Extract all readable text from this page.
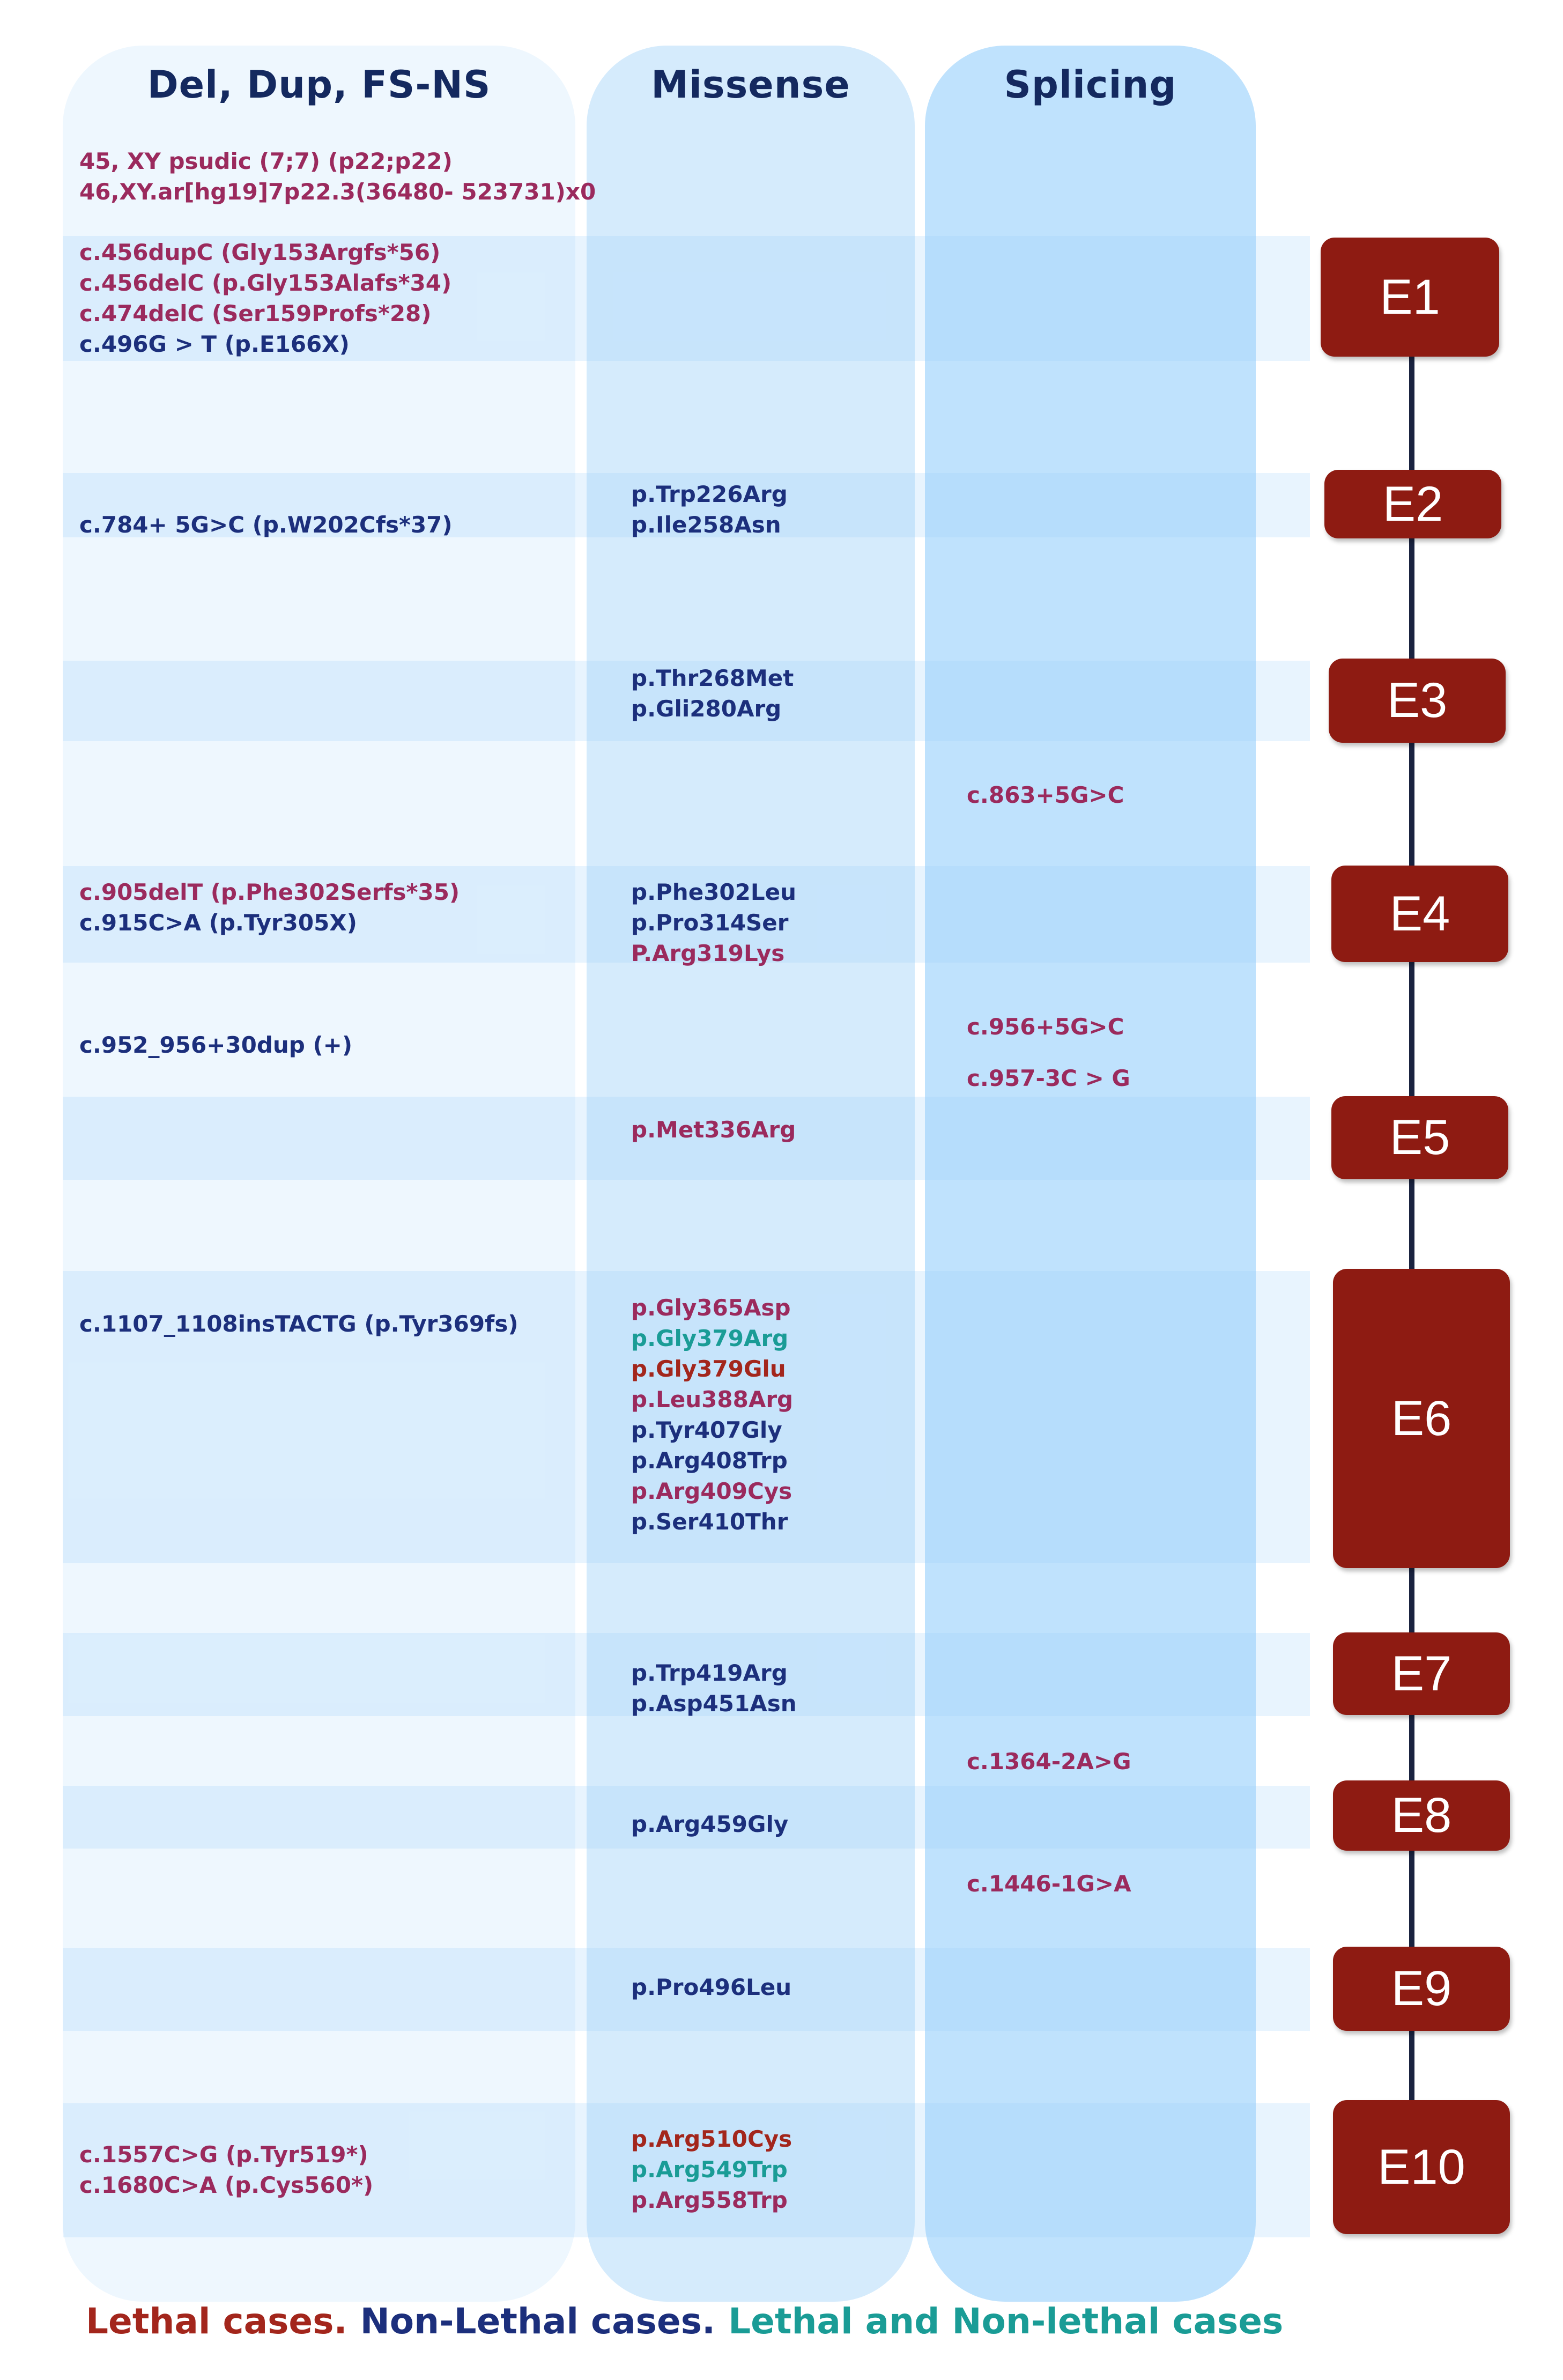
Del, Dup, FS-NS	Missense	Splicing
45, XY psudic (7;7) (p22;p22)
46,XY.ar[hg19]7p22.3(36480- 523731)x0
c.456dupC (Gly153Argfs*56)
c.456delC (p.Gly153Alafs*34)
c.474delC (Ser159Profs*28)
c.496G > T (p.E166X)
c.784+ 5G>C (p.W202Cfs*37)
c.905delT (p.Phe302Serfs*35)
c.915C>A (p.Tyr305X)
c.952_956+30dup (+)
c.1107_1108insTACTG (p.Tyr369fs)
c.1557C>G (p.Tyr519*)
c.1680C>A (p.Cys560*)
p.Trp226Arg
p.Ile258Asn
p.Thr268Met
p.Gli280Arg
p.Phe302Leu
p.Pro314Ser
P.Arg319Lys
p.Met336Arg
p.Gly365Asp
p.Gly379Arg
p.Gly379Glu
p.Leu388Arg
p.Tyr407Gly
p.Arg408Trp
p.Arg409Cys
p.Ser410Thr
p.Trp419Arg
p.Asp451Asn
p.Arg459Gly
p.Pro496Leu
p.Arg510Cys
p.Arg549Trp
p.Arg558Trp
c.863+5G>C
c.956+5G>C
c.957-3C > G
c.1364-2A>G
c.1446-1G>A
E1
E2
E3
E4
E5
E6
E7
E8
E9
E10
Lethal cases. Non-Lethal cases. Lethal and Non-lethal cases
